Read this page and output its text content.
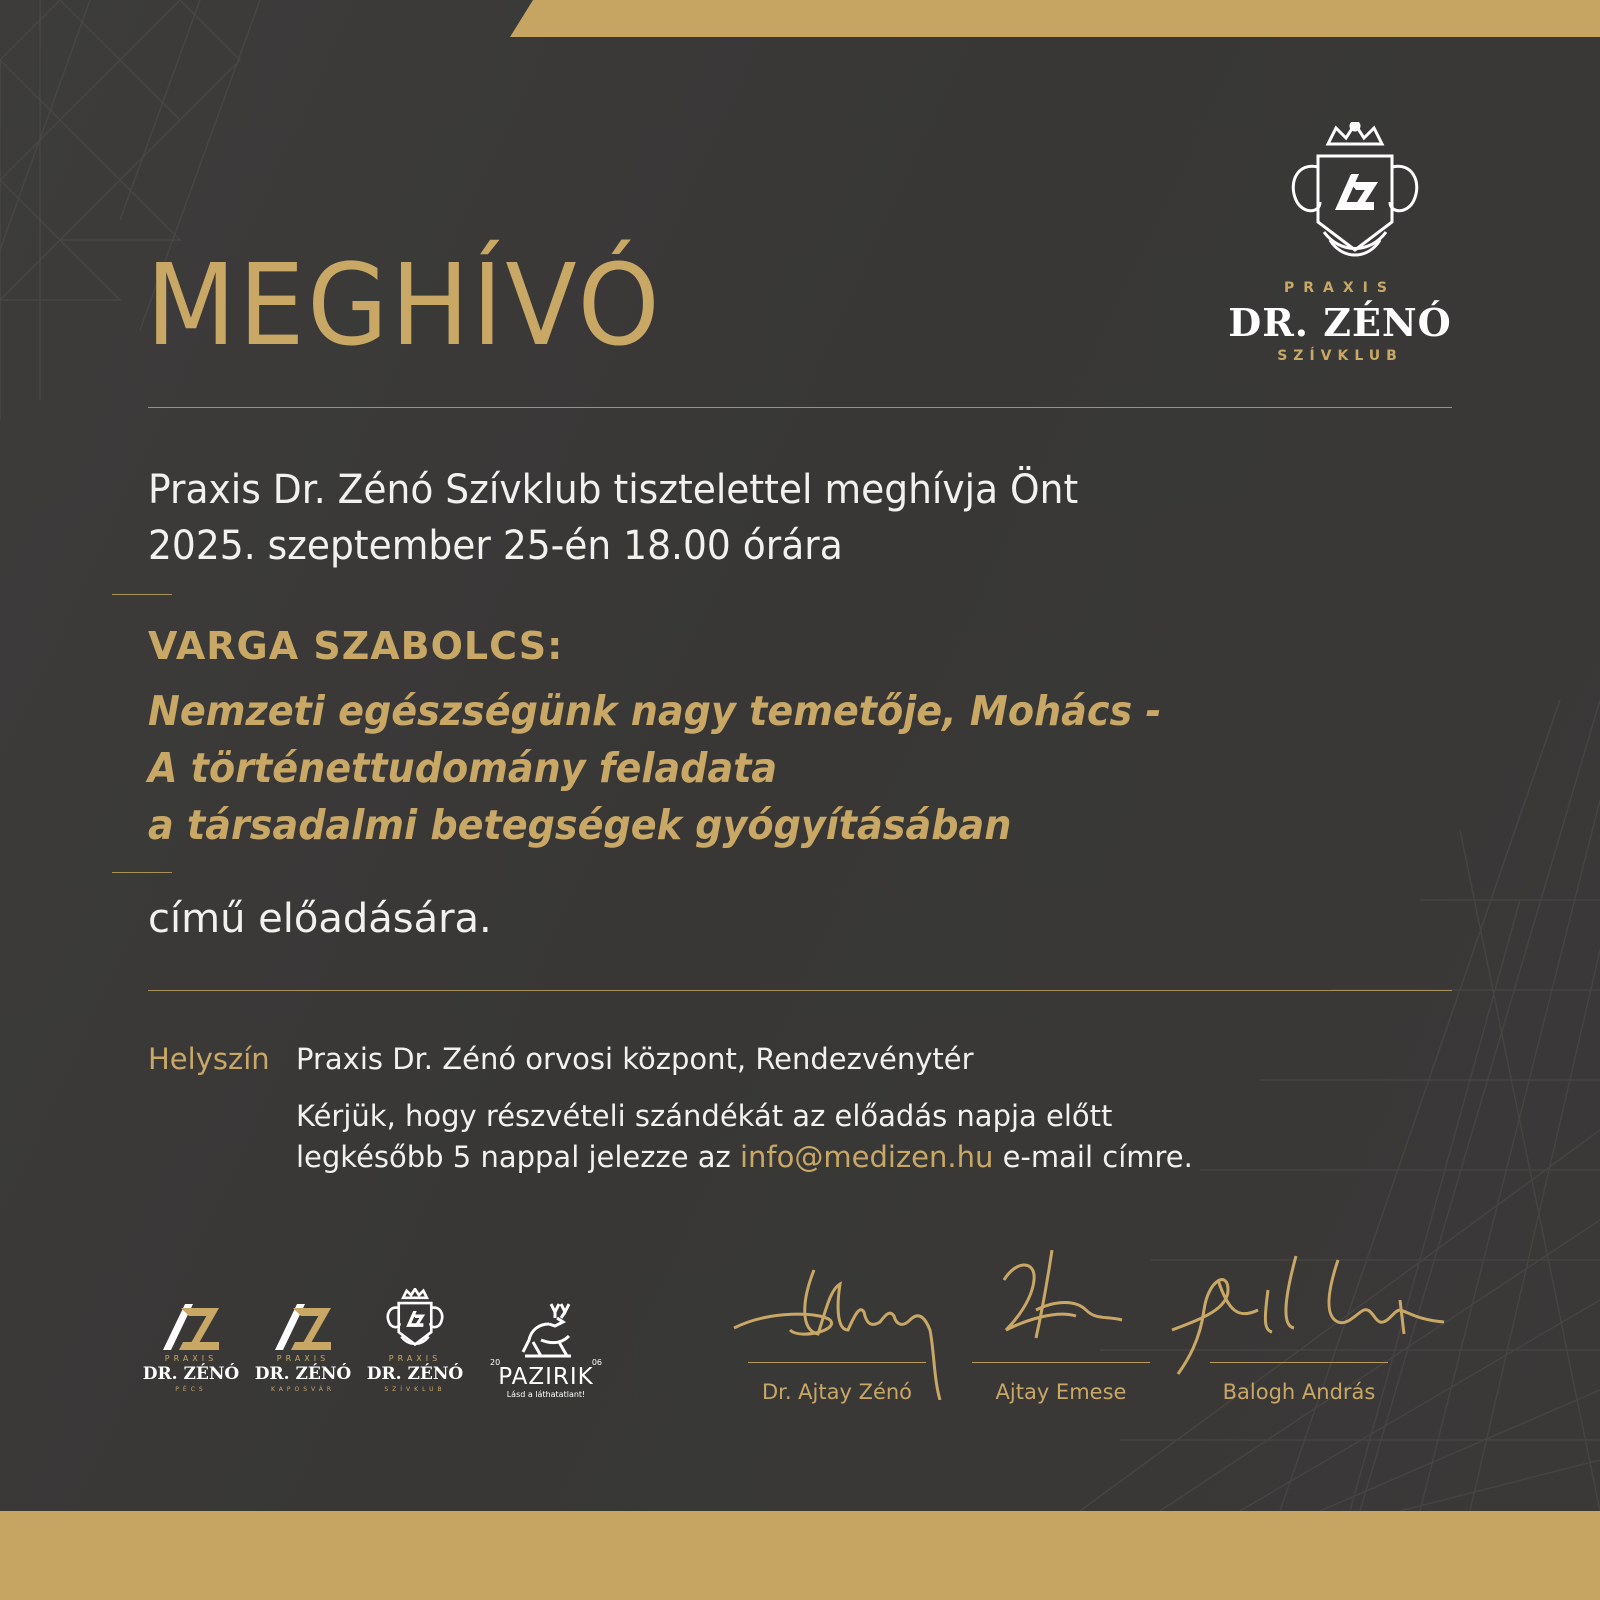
MEGHÍVÓ	PRAXIS
DR. ZÉNÓ
SZÍVKLUB
Praxis Dr. Zénó Szívklub tisztelettel meghívja Önt
2025. szeptember 25-én 18.00 órára
VARGA SZABOLCS:
Nemzeti egészségünk nagy temetője, Mohács -
A történettudomány feladata
a társadalmi betegségek gyógyításában
című előadására.
Helyszín Praxis Dr. Zénó orvosi központ, Rendezvénytér
Kérjük, hogy részvételi szándékát az előadás napja előtt
legkésőbb 5 nappal jelezze az info@medizen.hu e-mail címre.
PRAXIS
DR. ZÉNÓ
PÉCS
PRAXIS
DR. ZÉNÓ
KAPOSVÁR
PRAXIS
DR. ZÉNÓ
SZÍVKLUB
20	06
PAZIRIK
Lásd a láthatatlant!	Dr. Ajtay Zénó	Ajtay Emese	Balogh András
